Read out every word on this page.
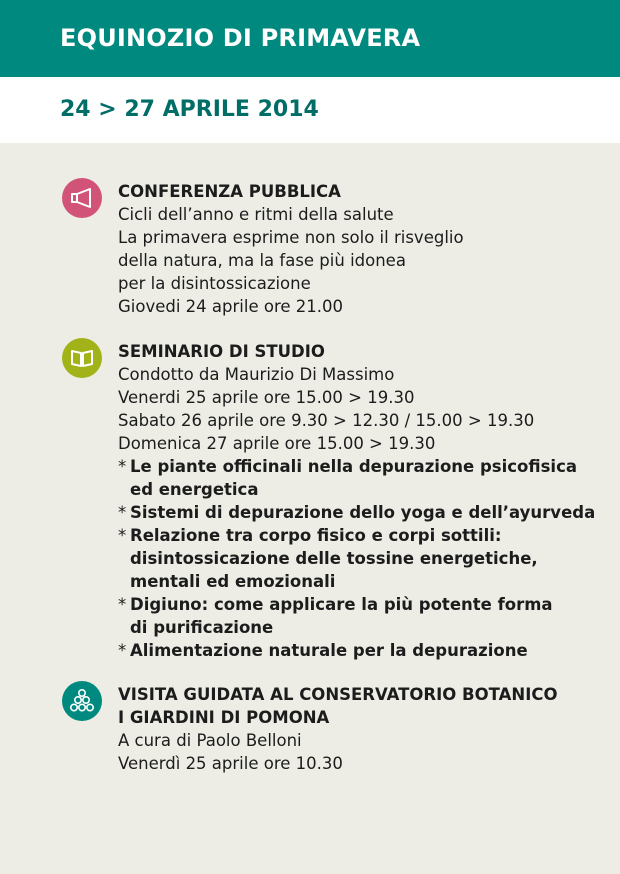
EQUINOZIO DI PRIMAVERA
24 > 27 APRILE 2014
CONFERENZA PUBBLICA
Cicli dell’anno e ritmi della salute
La primavera esprime non solo il risveglio
della natura, ma la fase più idonea
per la disintossicazione
Giovedi 24 aprile ore 21.00
SEMINARIO DI STUDIO
Condotto da Maurizio Di Massimo
Venerdi 25 aprile ore 15.00 > 19.30
Sabato 26 aprile ore 9.30 > 12.30 / 15.00 > 19.30
Domenica 27 aprile ore 15.00 > 19.30
* Le piante officinali nella depurazione psicofisica
ed energetica
* Sistemi di depurazione dello yoga e dell’ayurveda
* Relazione tra corpo fisico e corpi sottili:
disintossicazione delle tossine energetiche,
mentali ed emozionali
* Digiuno: come applicare la più potente forma
di purificazione
* Alimentazione naturale per la depurazione
VISITA GUIDATA AL CONSERVATORIO BOTANICO
I GIARDINI DI POMONA
A cura di Paolo Belloni
Venerdì 25 aprile ore 10.30
